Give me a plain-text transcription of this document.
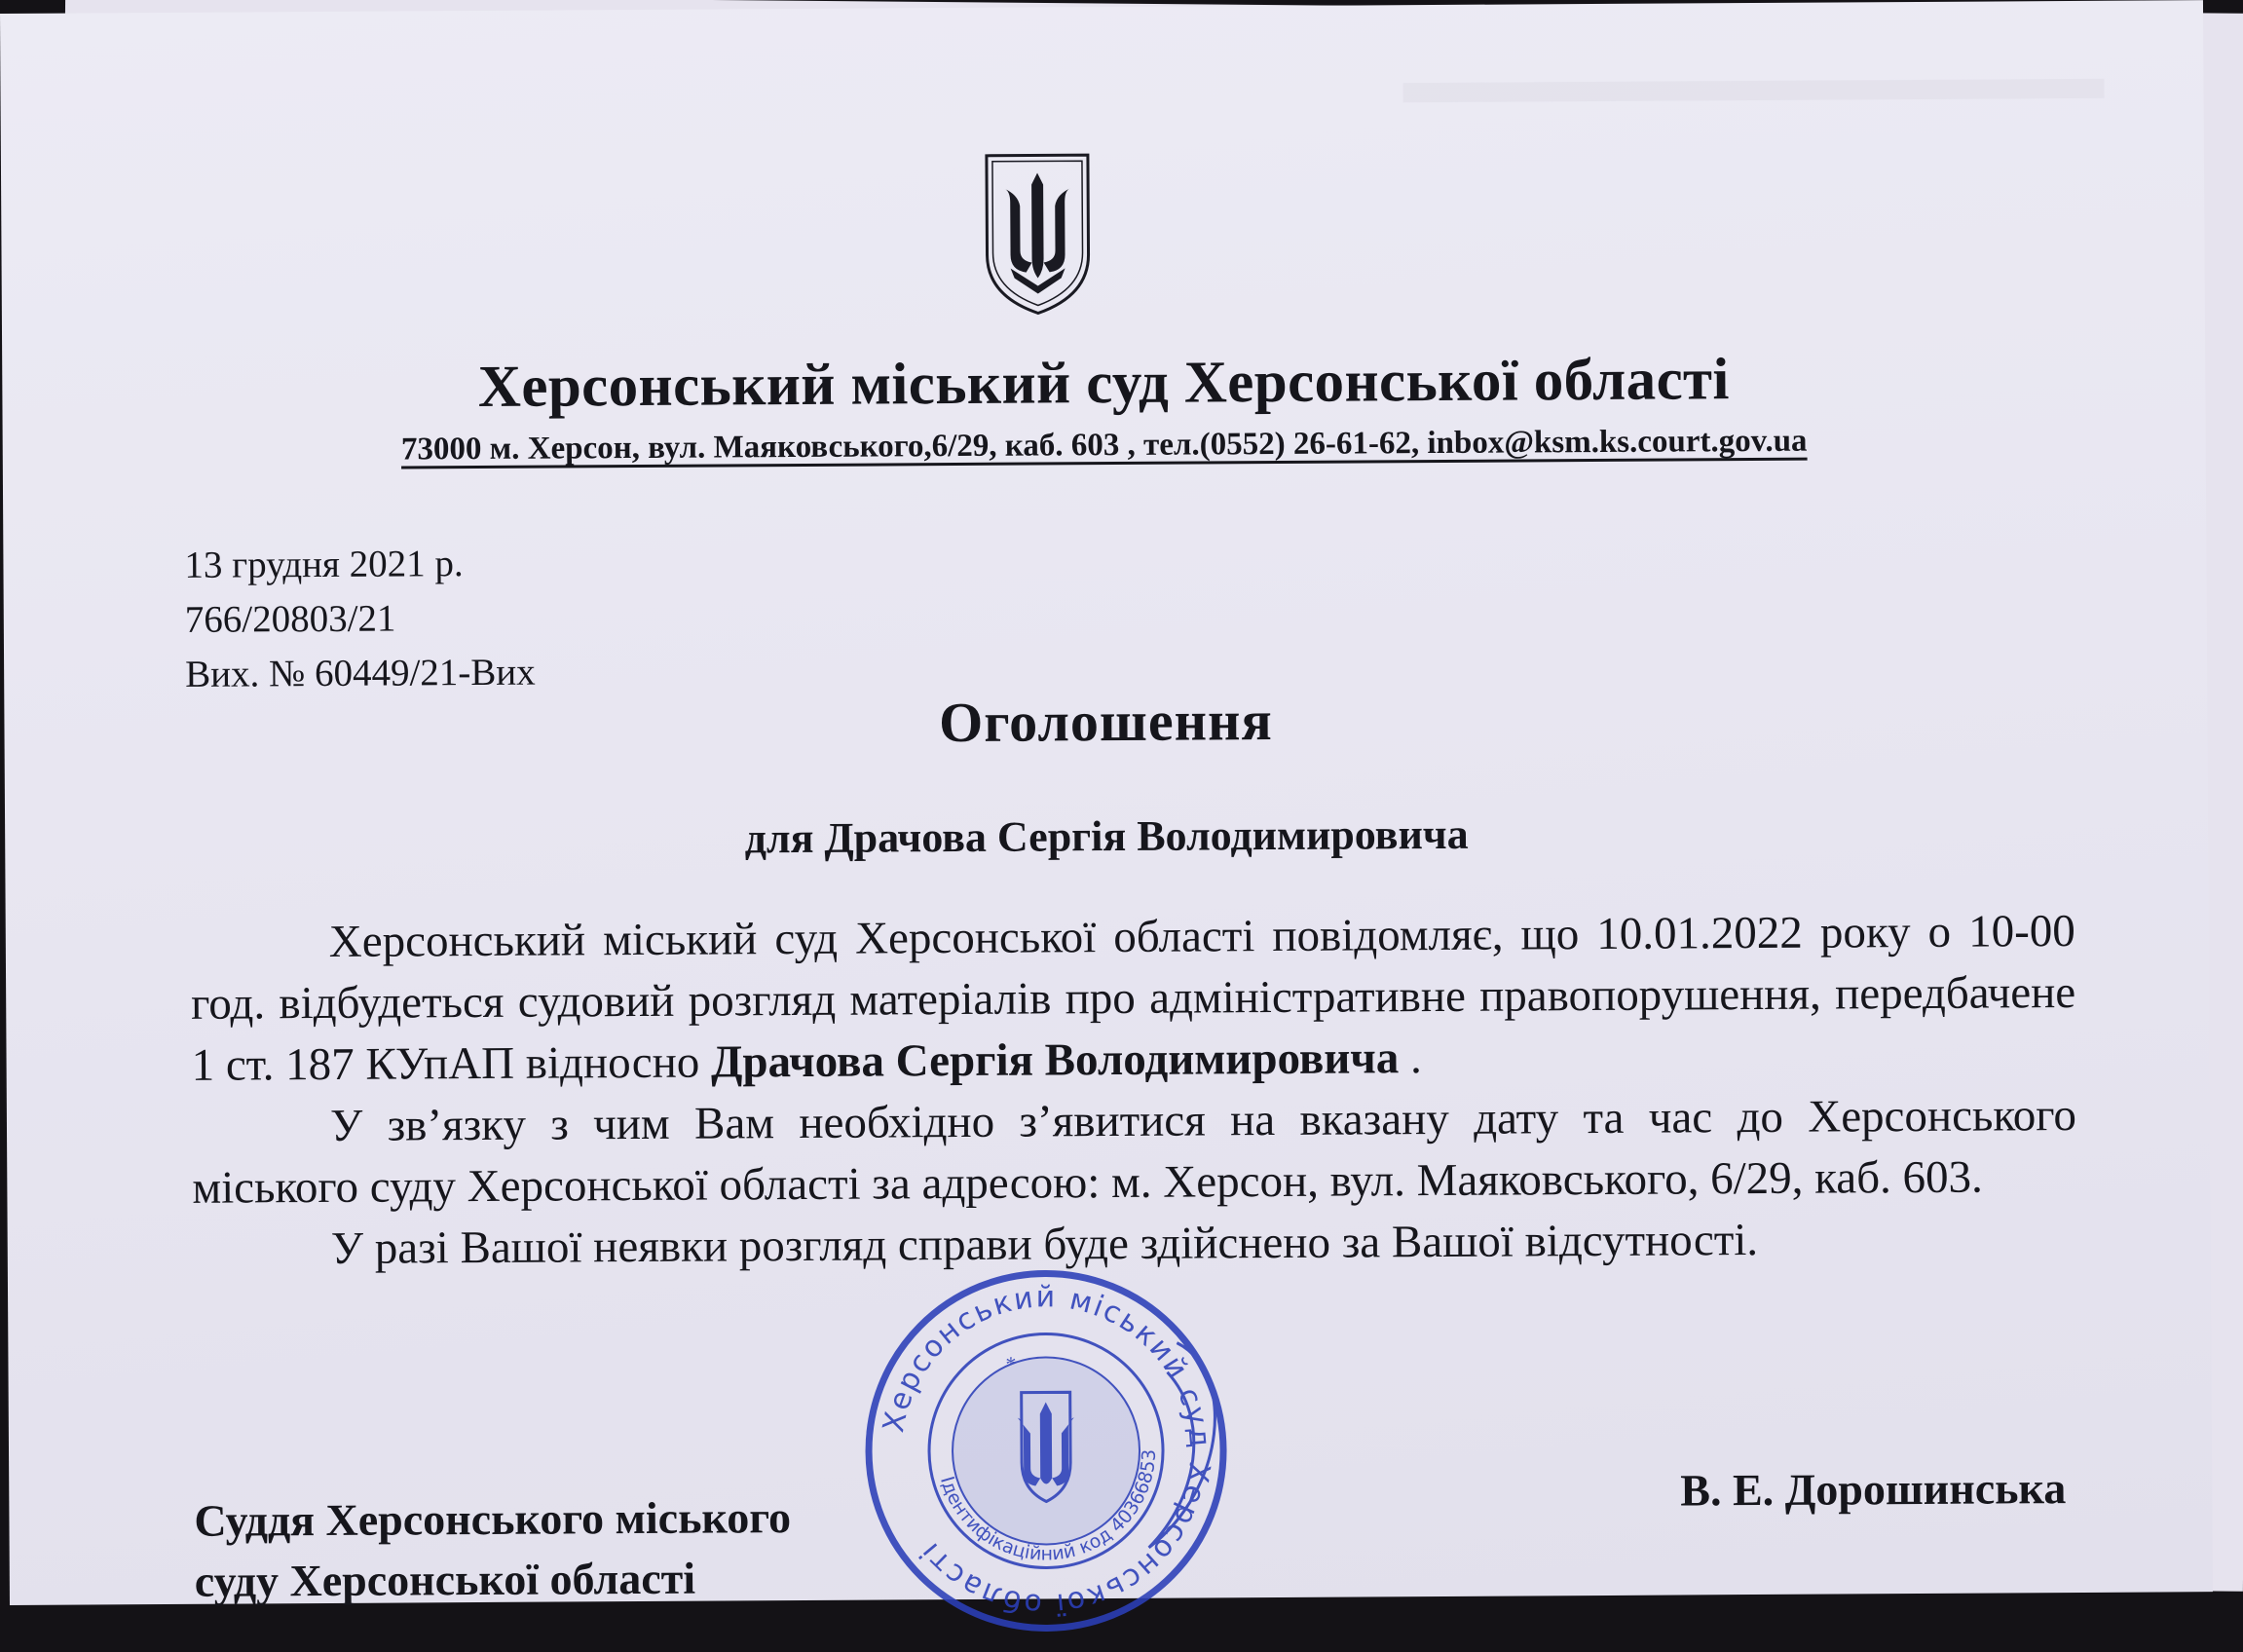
Херсонський міський суд Херсонської області
73000 м. Херсон, вул. Маяковського,6/29, каб. 603 , тел.(0552) 26-61-62, inbox@ksm.ks.court.gov.ua
13 грудня 2021 р.
766/20803/21
Вих. № 60449/21-Вих
Оголошення
для Драчова Сергія Володимировича

Херсонський міський суд Херсонської області повідомляє, що 10.01.2022 року о 10-00 год. відбудеться судовий розгляд матеріалів про адміністративне правопорушення, передбачене 1 ст. 187 КУпАП відносно Драчова Сергія Володимировича .

У зв’язку з чим Вам необхідно з’явитися на вказану дату та час до Херсонського міського суду Херсонської області за адресою: м. Херсон, вул. Маяковського, 6/29, каб. 603.

У разі Вашої неявки розгляд справи буде здійснено за Вашої відсутності.

Суддя Херсонського міського
суду Херсонської області
В. Е. Дорошинська
Херсонський міський суд Херсонської області
Ідентифікаційний код 40366853
*
